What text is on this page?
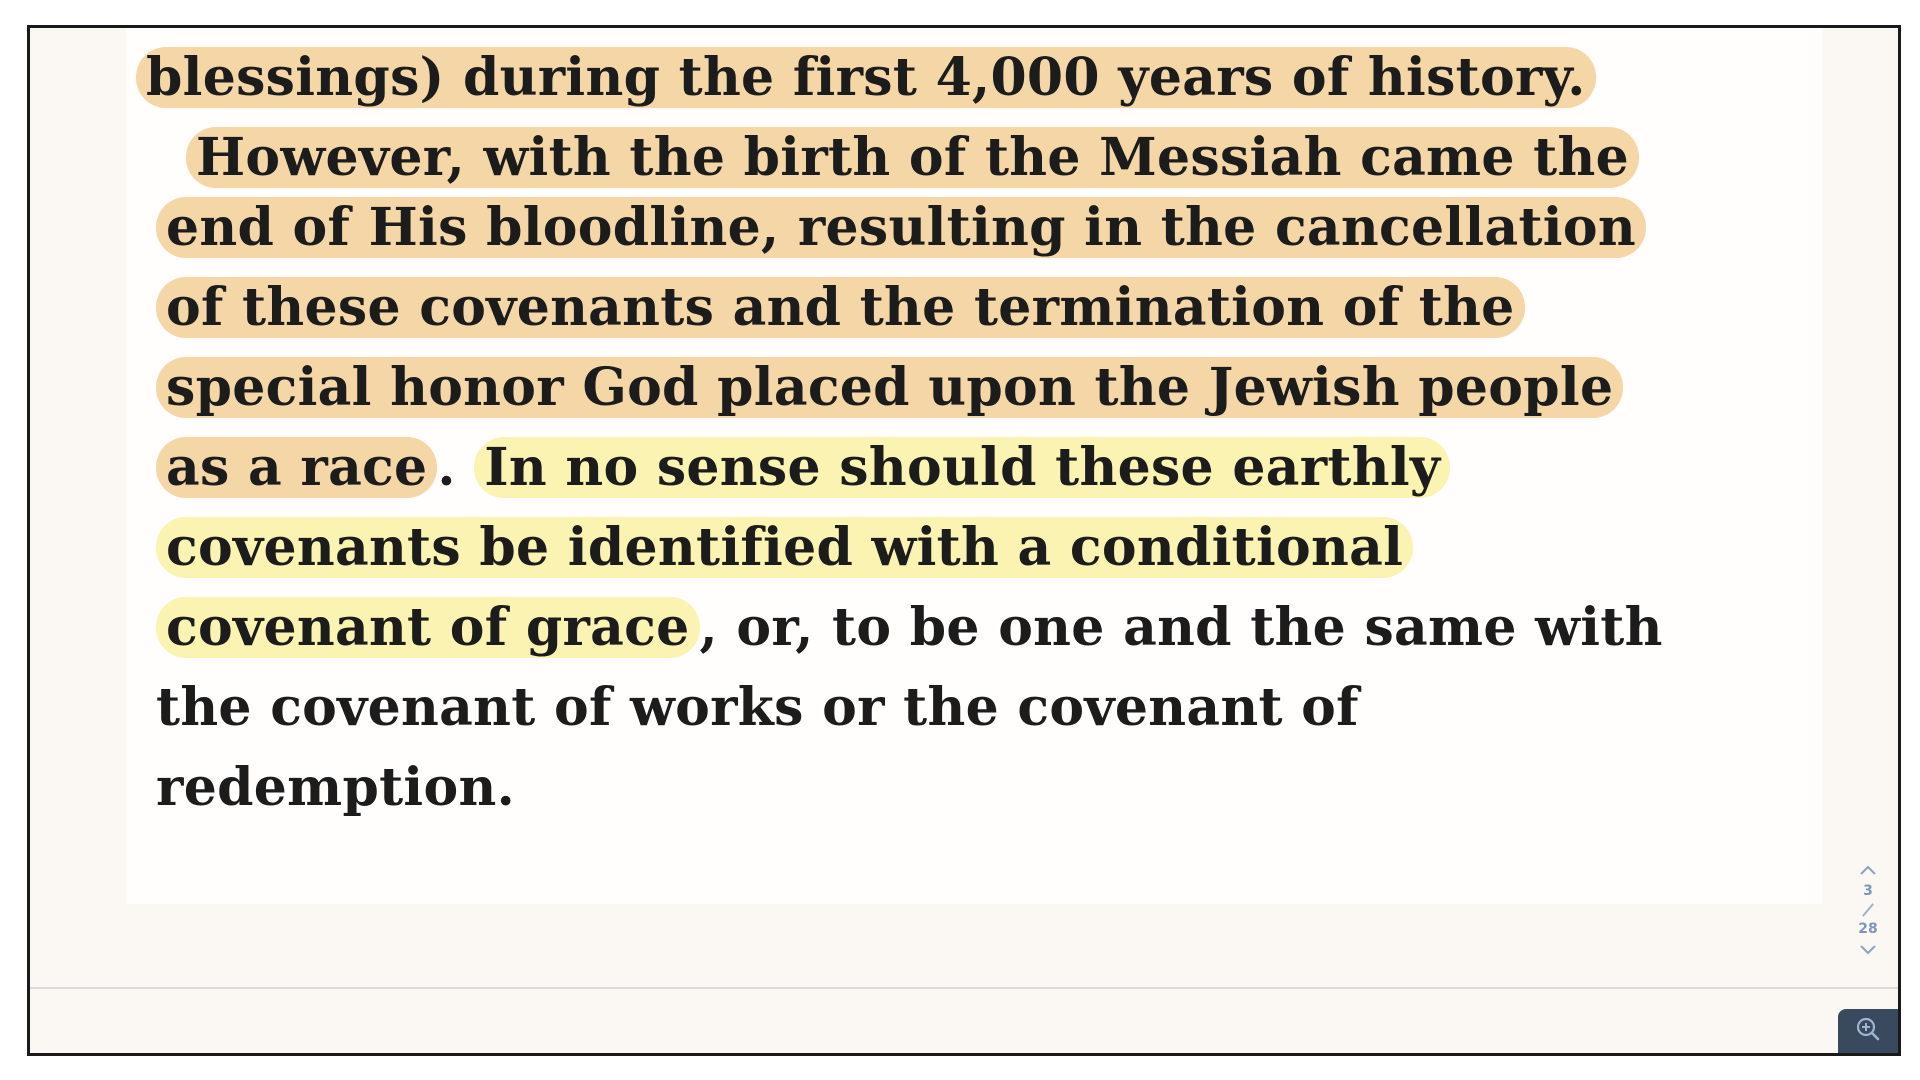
blessings) during the first 4,000 years of history.
However, with the birth of the Messiah came the
end of His bloodline, resulting in the cancellation
of these covenants and the termination of the
special honor God placed upon the Jewish people
as a race . In no sense should these earthly
covenants be identified with a conditional
covenant of grace , or, to be one and the same with
the covenant of works or the covenant of
redemption.
3
28
